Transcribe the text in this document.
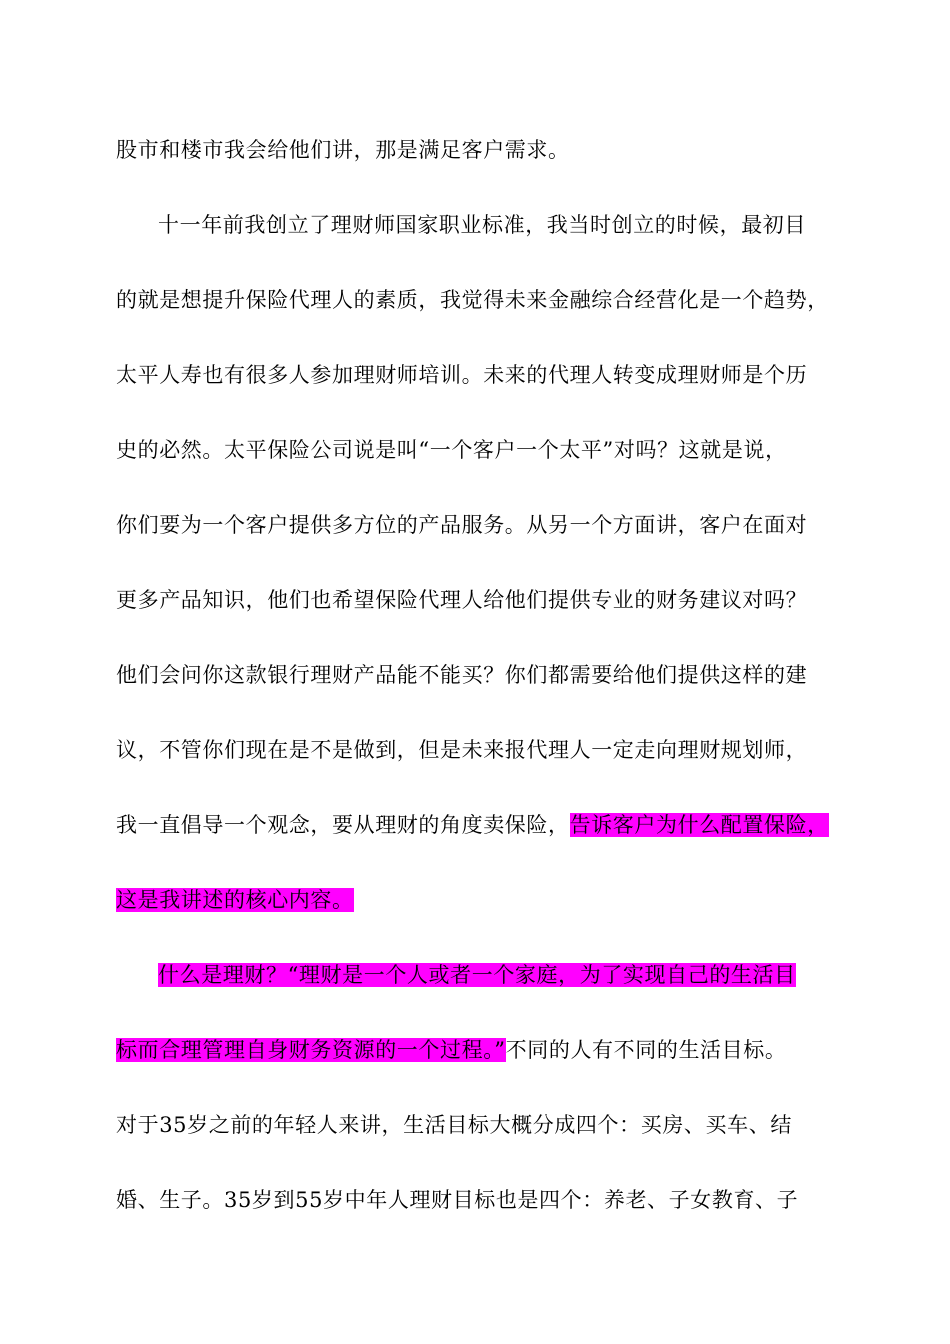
股市和楼市我会给他们讲，那是满足客户需求。
十一年前我创立了理财师国家职业标准，我当时创立的时候，最初目
的就是想提升保险代理人的素质，我觉得未来金融综合经营化是一个趋势，
太平人寿也有很多人参加理财师培训。未来的代理人转变成理财师是个历
史的必然。太平保险公司说是叫“一个客户一个太平”对吗？这就是说，
你们要为一个客户提供多方位的产品服务。从另一个方面讲，客户在面对
更多产品知识，他们也希望保险代理人给他们提供专业的财务建议对吗？
他们会问你这款银行理财产品能不能买？你们都需要给他们提供这样的建
议，不管你们现在是不是做到，但是未来报代理人一定走向理财规划师，
我一直倡导一个观念，要从理财的角度卖保险，告诉客户为什么配置保险，
这是我讲述的核心内容。
什么是理财？“理财是一个人或者一个家庭，为了实现自己的生活目
标而合理管理自身财务资源的一个过程。”不同的人有不同的生活目标。
对于35岁之前的年轻人来讲，生活目标大概分成四个：买房、买车、结
婚、生子。35岁到55岁中年人理财目标也是四个：养老、子女教育、子
